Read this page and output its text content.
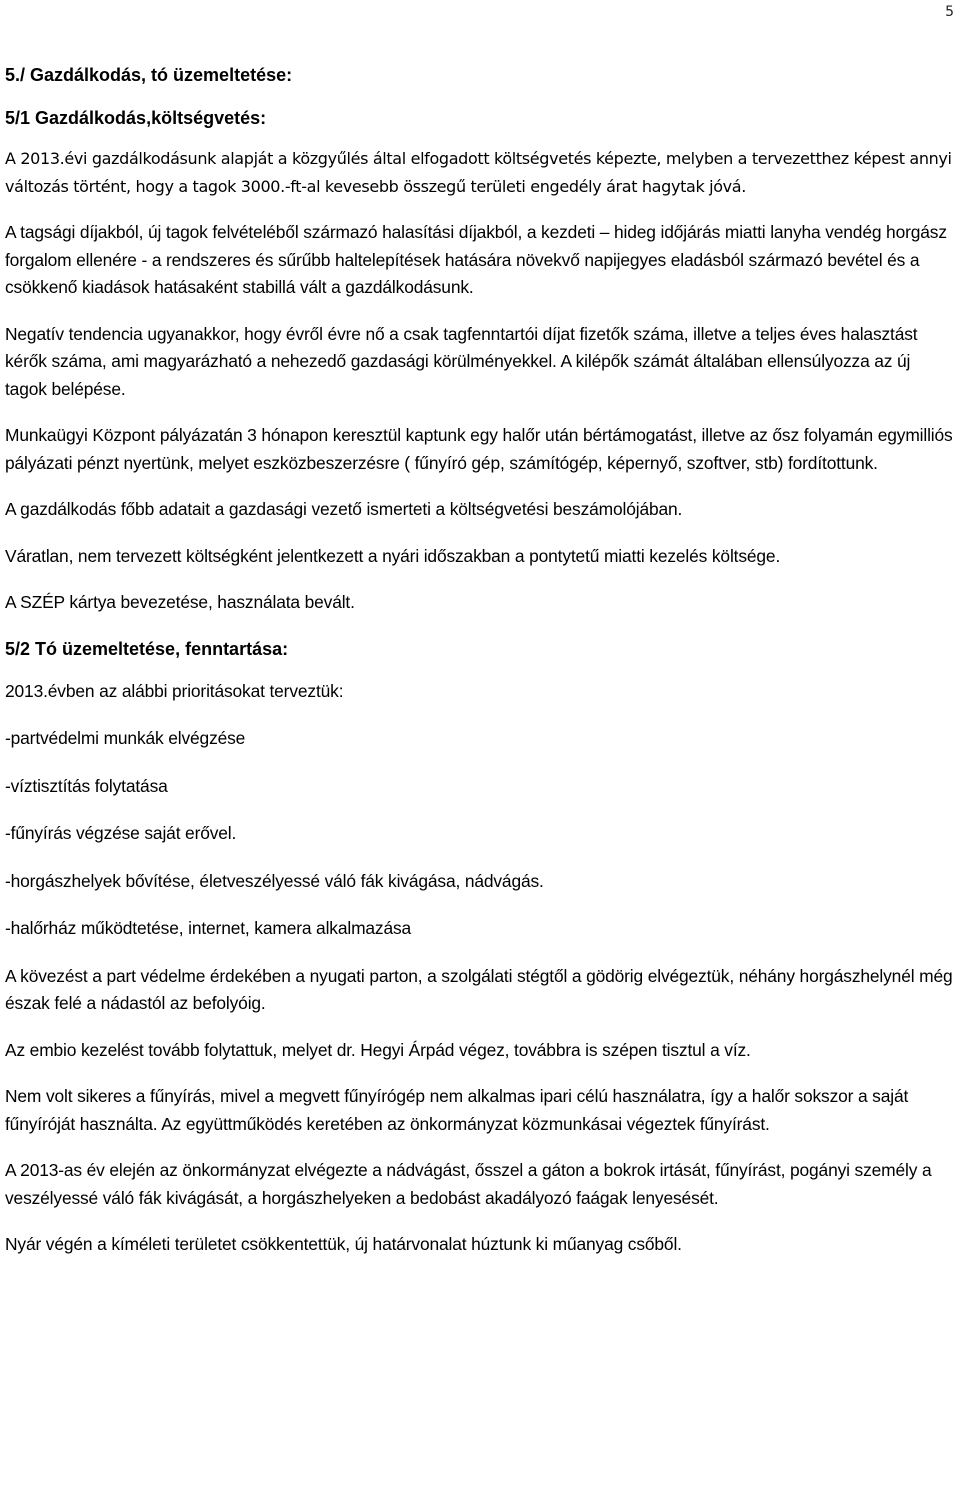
5
5./ Gazdálkodás, tó üzemeltetése:
5/1 Gazdálkodás,költségvetés:

A 2013.évi gazdálkodásunk alapját a közgyűlés által elfogadott költségvetés képezte, melyben a tervezetthez képest annyi változás történt, hogy a tagok 3000.-ft-al kevesebb összegű területi engedély árat hagytak jóvá.

A tagsági díjakból, új tagok felvételéből származó halasítási díjakból, a kezdeti – hideg időjárás miatti lanyha vendég horgász forgalom ellenére - a rendszeres és sűrűbb haltelepítések hatására növekvő napijegyes eladásból származó bevétel és a csökkenő kiadások hatásaként stabillá vált a gazdálkodásunk.

Negatív tendencia ugyanakkor, hogy évről évre nő a csak tagfenntartói díjat fizetők száma, illetve a teljes éves halasztást kérők száma, ami magyarázható a nehezedő gazdasági körülményekkel. A kilépők számát általában ellensúlyozza az új tagok belépése.

Munkaügyi Központ pályázatán 3 hónapon keresztül kaptunk egy halőr után bértámogatást, illetve az ősz folyamán egymilliós pályázati pénzt nyertünk, melyet eszközbeszerzésre ( fűnyíró gép, számítógép, képernyő, szoftver, stb) fordítottunk.

A gazdálkodás főbb adatait a gazdasági vezető ismerteti a költségvetési beszámolójában.

Váratlan, nem tervezett költségként jelentkezett a nyári időszakban a pontytetű miatti kezelés költsége.

A SZÉP kártya bevezetése, használata bevált.

5/2 Tó üzemeltetése, fenntartása:

2013.évben az alábbi prioritásokat terveztük:

-partvédelmi munkák elvégzése

-víztisztítás folytatása

-fűnyírás végzése saját erővel.

-horgászhelyek bővítése, életveszélyessé váló fák kivágása, nádvágás.

-halőrház működtetése, internet, kamera alkalmazása

A kövezést a part védelme érdekében a nyugati parton, a szolgálati stégtől a gödörig elvégeztük, néhány horgászhelynél még észak felé a nádastól az befolyóig.

Az embio kezelést tovább folytattuk, melyet dr. Hegyi Árpád végez, továbbra is szépen tisztul a víz.

Nem volt sikeres a fűnyírás, mivel a megvett fűnyírógép nem alkalmas ipari célú használatra, így a halőr sokszor a saját fűnyíróját használta. Az együttműködés keretében az önkormányzat közmunkásai végeztek fűnyírást.

A 2013-as év elején az önkormányzat elvégezte a nádvágást, ősszel a gáton a bokrok irtását, fűnyírást, pogányi személy a veszélyessé váló fák kivágását, a horgászhelyeken a bedobást akadályozó faágak lenyesését.

Nyár végén a kíméleti területet csökkentettük, új határvonalat húztunk ki műanyag csőből.
